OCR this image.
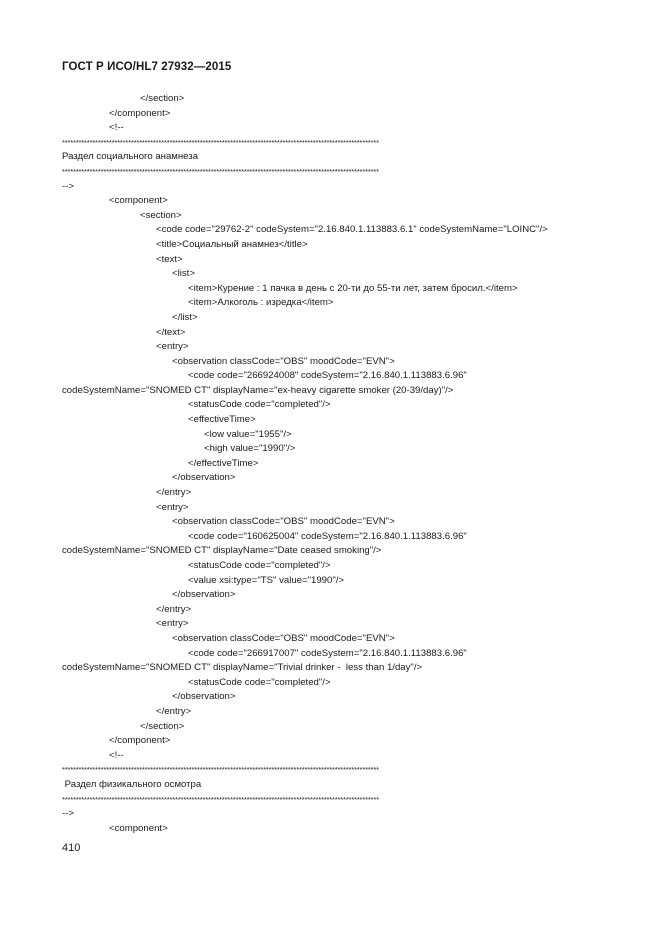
ГОСТ Р ИСО/HL7 27932—2015
</section>
</component>
<!--
*******************************************************************************************************************
Раздел социального анамнеза
*******************************************************************************************************************
-->
<component>
<section>
<code code="29762-2" codeSystem="2.16.840.1.113883.6.1" codeSystemName="LOINC"/>
<title>Социальный анамнез</title>
<text>
<list>
<item>Курение : 1 пачка в день с 20-ти до 55-ти лет, затем бросил.</item>
<item>Алкоголь : изредка</item>
</list>
</text>
<entry>
<observation classCode="OBS" moodCode="EVN">
<code code="266924008" codeSystem="2.16.840.1.113883.6.96"
codeSystemName="SNOMED CT" displayName="ex-heavy cigarette smoker (20-39/day)"/>
<statusCode code="completed"/>
<effectiveTime>
<low value="1955"/>
<high value="1990"/>
</effectiveTime>
</observation>
</entry>
<entry>
<observation classCode="OBS" moodCode="EVN">
<code code="160625004" codeSystem="2.16.840.1.113883.6.96"
codeSystemName="SNOMED CT" displayName="Date ceased smoking"/>
<statusCode code="completed"/>
<value xsi:type="TS" value="1990"/>
</observation>
</entry>
<entry>
<observation classCode="OBS" moodCode="EVN">
<code code="266917007" codeSystem="2.16.840.1.113883.6.96"
codeSystemName="SNOMED CT" displayName="Trivial drinker -  less than 1/day"/>
<statusCode code="completed"/>
</observation>
</entry>
</section>
</component>
<!--
*******************************************************************************************************************
Раздел физикального осмотра
*******************************************************************************************************************
-->
<component>
410
